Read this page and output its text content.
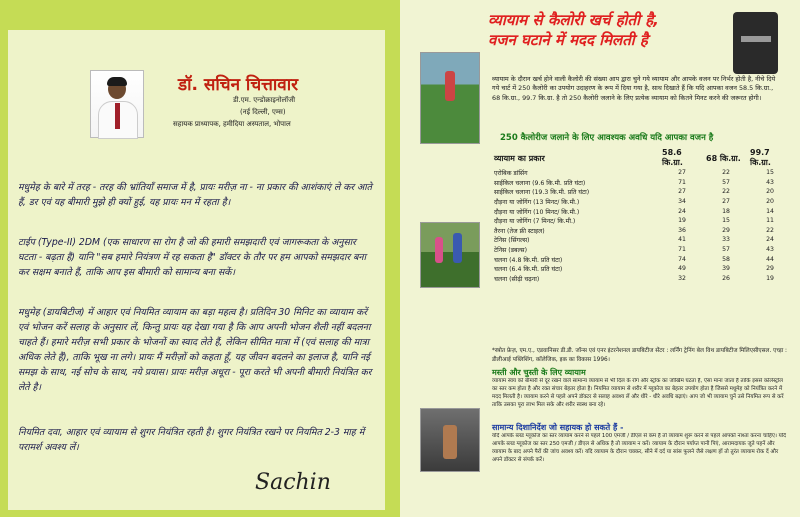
डॉ. सचिन चित्तावार
डी.एम. एन्डोक्राइनोलॉजी
(नई दिल्ली, एम्स)
सहायक प्राध्यापक, हमीदिया अस्पताल, भोपाल
मधुमेह के बारे में तरह - तरह की भ्रांतियाँ समाज में है, प्रायः मरीज़ ना - ना प्रकार की आशंकाएं ले कर आते हैं, डर एवं यह बीमारी मुझे ही क्यों हुई, यह प्रायः मन में रहता है।
टाईप (Type-II) 2DM (एक साधारण सा रोग है जो की हमारी समझदारी एवं जागरूकता के अनुसार घटता - बढ़ता है) यानि "सब हमारे नियंत्रण में रह सकता है" डॉक्टर के तौर पर हम आपको समझदार बना कर सक्षम बनाते हैं, ताकि आप इस बीमारी को सामान्य बना सकें।
मधुमेह (डायबिटीज) में आहार एवं नियमित व्यायाम का बड़ा महत्व है। प्रतिदिन 30 मिनिट का व्यायाम करें एवं भोजन करें सलाह के अनुसार लें, किन्तु प्रायः यह देखा गया है कि आप अपनी भोजन शैली नहीं बदलना चाहते हैं। हमारे मरीज़ सभी प्रकार के भोजनों का स्वाद लेते हैं, लेकिन सीमित मात्रा में (एवं सलाह की मात्रा अधिक लेते हैं), ताकि भूख ना लगे। प्रायः मैं मरीज़ों को कहता हूँ, यह जीवन बदलने का इलाज है, यानि नई समझ के साथ, नई सोच के साथ, नये प्रयास। प्रायः मरीज़ अधूरा - पूरा करते भी अपनी बीमारी नियंत्रित कर लेते है।
नियमित दवा, आहार एवं व्यायाम से शुगर नियंत्रित रहती है। शुगर नियंत्रित रखने पर नियमित 2-3 माह में परामर्श अवश्य लें।
Sachin
व्यायाम से कैलोरी खर्च होती है,
वजन घटाने में मदद मिलती है
व्यायाम के दौरान खर्च होने वाली कैलोरी की संख्या आप द्वारा चुने गये व्यायाम और आपके वजन पर निर्भर होती है, नीचे दिये गये चार्ट में 250 कैलोरी का उपयोग उदाहरण के रूप में दिया गया है, साथ दिखाते हैं कि यदि आपका वजन 58.5 कि.ग्रा., 68 कि.ग्रा., 99.7 कि.ग्रा. है तो 250 कैलोरी जलाने के लिए प्रत्येक व्यायाम को कितने मिनट करने की जरूरत होगी।
250 कैलोरीज जलाने के लिए आवश्यक अवधि यदि आपका वजन है
व्यायाम का प्रकार	58.6 कि.ग्रा.	68 कि.ग्रा.	99.7 कि.ग्रा.
एरोबिक डांसिंग	27	22	15
साईकिल चलाना (9.6 कि.मी. प्रति घंटा)	71	57	43
साईकिल चलाना (19.3 कि.मी. प्रति घंटा)	27	22	20
दौड़ना या जोगिंग (13 मिनट/ कि.मी.)	34	27	20
दौड़ना या जोगिंग (10 मिनट/ कि.मी.)	24	18	14
दौड़ना या जोगिंग (7 मिनट/ कि.मी.)	19	15	11
तैरना (तेज फ्री स्टाइल)	36	29	22
टेनिस (सिंगल्स)	41	33	24
टेनिस (डबल्स)	71	57	43
चलना (4.8 कि.मी. प्रति घंटा)	74	58	44
चलना (6.4 कि.मी. प्रति घंटा)	49	39	29
चलना (सीढ़ी चढ़ना)	32	26	19
*स्त्रोत फ्रेज़, एम.ए., एडवानिसर डी.डी. जॉन्स एवं एनर इंटरनेशनल डायबिटीज सेंटर : लर्निंग ट्रेनिंग बेल विथ डायबिटीज मिलिएसीएसल. एच्ड़ा : डीलीआई पब्लिशिंग, कॉलेजिक, इक का विकास 1996।
मस्ती और चुस्ती के लिए व्यायाम
व्यायाम स्वय को बीमारी से दूर रखने वाले सामान्य व्यायाम से भी दिल के रोग और स्ट्रोक का जोखिम घटता है, ऐसा माना जाता है ताकि इससे कोलेस्ट्रोल का स्तर कम होता है और रक्त संचार बेहतर होता है। नियमित व्यायाम से शरीर में ग्लूकोज का बेहतर उपयोग होता है जिससे मधुमेह को नियंत्रित करने में मदद मिलती है। व्यायाम करने से पहले अपने डॉक्टर से सलाह अवश्य लें और धीरे - धीरे अवधि बढ़ाएं। आप जो भी व्यायाम चुनें उसे नियमित रूप से करें ताकि उसका पूरा लाभ मिल सके और शरीर स्वस्थ बना रहे।
सामान्य दिशानिर्देश जो सहायक हो सकते हैं -
यदि आपके ब्लड ग्लूकोज का स्तर व्यायाम करने से पहले 100 एमजी / डीएल से कम है तो व्यायाम शुरू करने से पहले आपको नाश्ता करना चाहिए। यदि आपके ब्लड ग्लूकोज का स्तर 250 एमजी / डीएल से अधिक है तो व्यायाम न करें। व्यायाम के दौरान पर्याप्त पानी पिएं, आरामदायक जूते पहनें और व्यायाम के बाद अपने पैरों की जांच अवश्य करें। यदि व्यायाम के दौरान चक्कर, सीने में दर्द या सांस फूलने जैसे लक्षण हों तो तुरंत व्यायाम रोक दें और अपने डॉक्टर से संपर्क करें।
